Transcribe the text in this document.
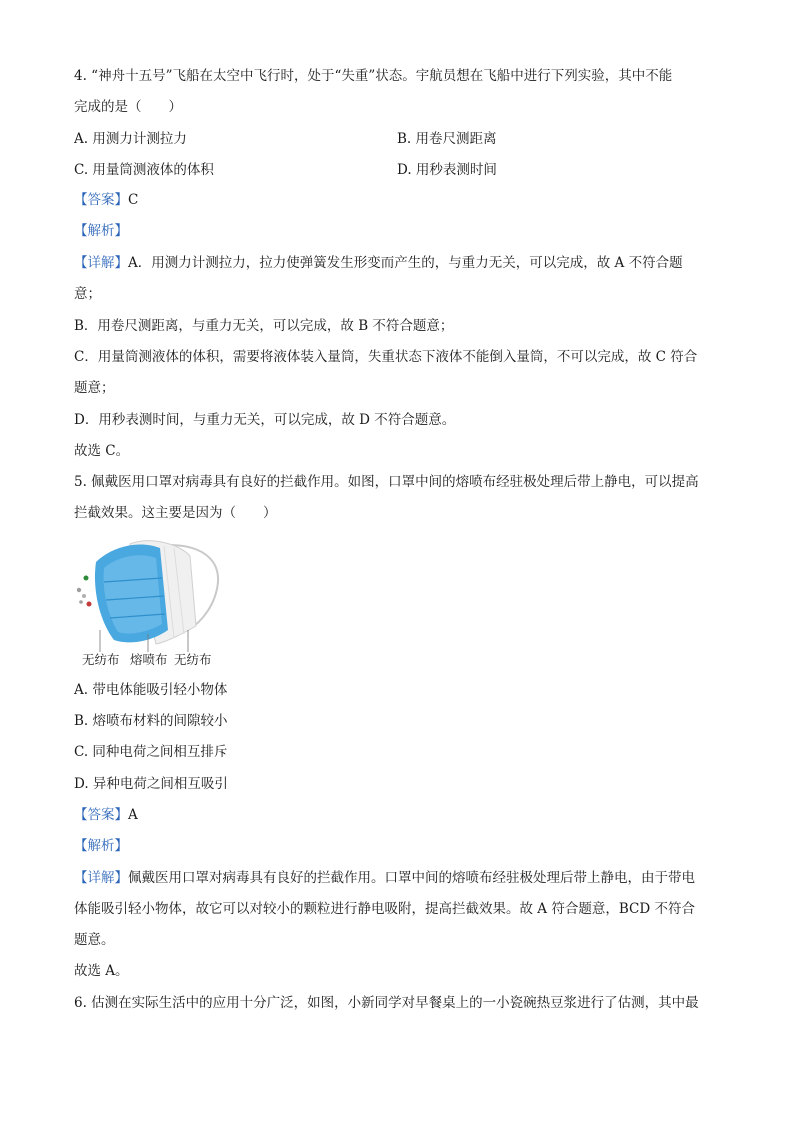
4. “神舟十五号”飞船在太空中飞行时，处于“失重”状态。宇航员想在飞船中进行下列实验，其中不能
完成的是（　　）
A. 用测力计测拉力	B. 用卷尺测距离
C. 用量筒测液体的体积	D. 用秒表测时间
【答案】C
【解析】
【详解】A．用测力计测拉力，拉力使弹簧发生形变而产生的，与重力无关，可以完成，故 A 不符合题
意；
B．用卷尺测距离，与重力无关，可以完成，故 B 不符合题意；
C．用量筒测液体的体积，需要将液体装入量筒，失重状态下液体不能倒入量筒，不可以完成，故 C 符合
题意；
D．用秒表测时间，与重力无关，可以完成，故 D 不符合题意。
故选 C。
5. 佩戴医用口罩对病毒具有良好的拦截作用。如图，口罩中间的熔喷布经驻极处理后带上静电，可以提高
拦截效果。这主要是因为（　　）
无纺布 熔喷布 无纺布
A. 带电体能吸引轻小物体
B. 熔喷布材料的间隙较小
C. 同种电荷之间相互排斥
D. 异种电荷之间相互吸引
【答案】A
【解析】
【详解】佩戴医用口罩对病毒具有良好的拦截作用。口罩中间的熔喷布经驻极处理后带上静电，由于带电
体能吸引轻小物体，故它可以对较小的颗粒进行静电吸附，提高拦截效果。故 A 符合题意，BCD 不符合
题意。
故选 A。
6. 估测在实际生活中的应用十分广泛，如图，小新同学对早餐桌上的一小瓷碗热豆浆进行了估测，其中最
